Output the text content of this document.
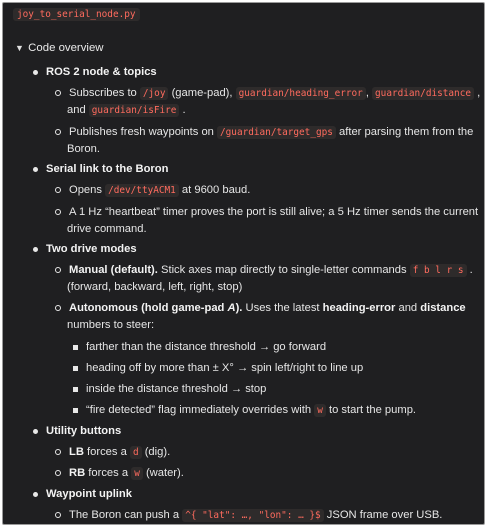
joy_to_serial_node.py
▼ Code overview
ROS 2 node & topics
Subscribes to /joy (game-pad), guardian/heading_error , guardian/distance ,
and guardian/isFire .
Publishes fresh waypoints on /guardian/target_gps after parsing them from the
Boron.
Serial link to the Boron
Opens /dev/ttyACM1 at 9600 baud.
A 1 Hz “heartbeat” timer proves the port is still alive; a 5 Hz timer sends the current
drive command.
Two drive modes
Manual (default). Stick axes map directly to single-letter commands f b l r s .
(forward, backward, left, right, stop)
Autonomous (hold game-pad A). Uses the latest heading-error and distance
numbers to steer:
farther than the distance threshold → go forward
heading off by more than ± X° → spin left/right to line up
inside the distance threshold → stop
“fire detected” flag immediately overrides with w to start the pump.
Utility buttons
LB forces a d (dig).
RB forces a w (water).
Waypoint uplink
The Boron can push a ^{ "lat": …, "lon": … }$ JSON frame over USB.
